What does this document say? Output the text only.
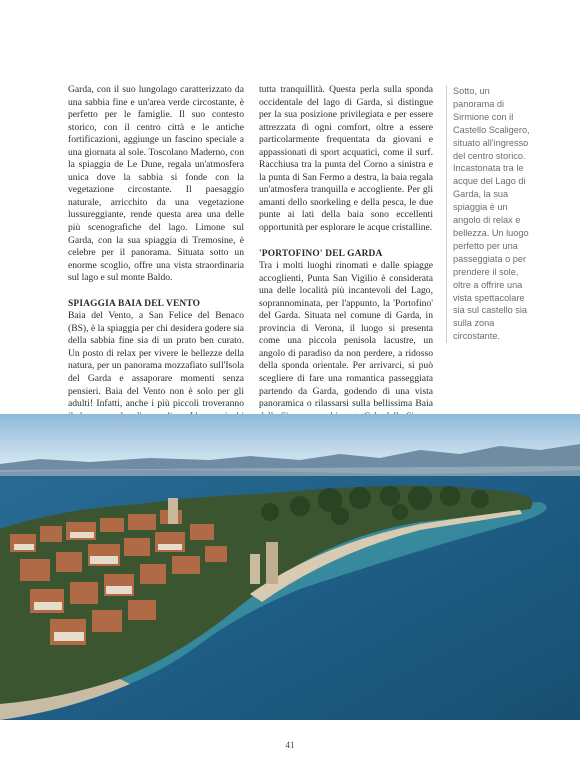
Garda, con il suo lungolago caratterizzato da una sabbia fine e un'area verde circostante, è perfetto per le famiglie. Il suo contesto storico, con il centro città e le antiche fortificazioni, aggiunge un fascino speciale a una giornata al sole. Toscolano Maderno, con la spiaggia de Le Dune, regala un'atmosfera unica dove la sabbia si fonde con la vegetazione circostante. Il paesaggio naturale, arricchito da una vegetazione lussureggiante, rende questa area una delle più scenografiche del lago. Limone sul Garda, con la sua spiaggia di Tremosine, è celebre per il panorama. Situata sotto un enorme scoglio, offre una vista straordinaria sul lago e sul monte Baldo.

SPIAGGIA BAIA DEL VENTO

Baia del Vento, a San Felice del Benaco (BS), è la spiaggia per chi desidera godere sia della sabbia fine sia di un prato ben curato. Un posto di relax per vivere le bellezze della natura, per un panorama mozzafiato sull'Isola del Garda e assaporare momenti senza pensieri. Baia del Vento non è solo per gli adulti! Infatti, anche i più piccoli troveranno

tutta tranquillità. Questa perla sulla sponda occidentale del lago di Garda, si distingue per la sua posizione privilegiata e per essere attrezzata di ogni comfort, oltre a essere particolarmente frequentata da giovani e appassionati di sport acquatici, come il surf. Racchiusa tra la punta del Corno a sinistra e la punta di San Fermo a destra, la baia regala un'atmosfera tranquilla e accogliente. Per gli amanti dello snorkeling e della pesca, le due punte ai lati della baia sono eccellenti opportunità per esplorare le acque cristalline.

'PORTOFINO' DEL GARDA

Tra i molti luoghi rinomati e dalle spiagge accoglienti, Punta San Vigilio è considerata una delle località più incantevoli del Lago, soprannominata, per l'appunto, la 'Portofino' del Garda. Situata nel comune di Garda, in provincia di Verona, il luogo si presenta come una piccola penisola lacustre, un angolo di paradiso da non perdere, a ridosso della sponda orientale. Per arrivarci, si può scegliere di fare una romantica passeggiata partendo da Garda, godendo di una vista panoramica o rilassarsi sulla bellissima Baia

Sotto, un panorama di Sirmione con il Castello Scaligero, situato all'ingresso del centro storico. Incastonata tra le acque del Lago di Garda, la sua spiaggia è un angolo di relax e bellezza. Un luogo perfetto per una passeggiata o per prendere il sole, oltre a offrire una vista spettacolare sia sul castello sia sulla zona circostante.
41
